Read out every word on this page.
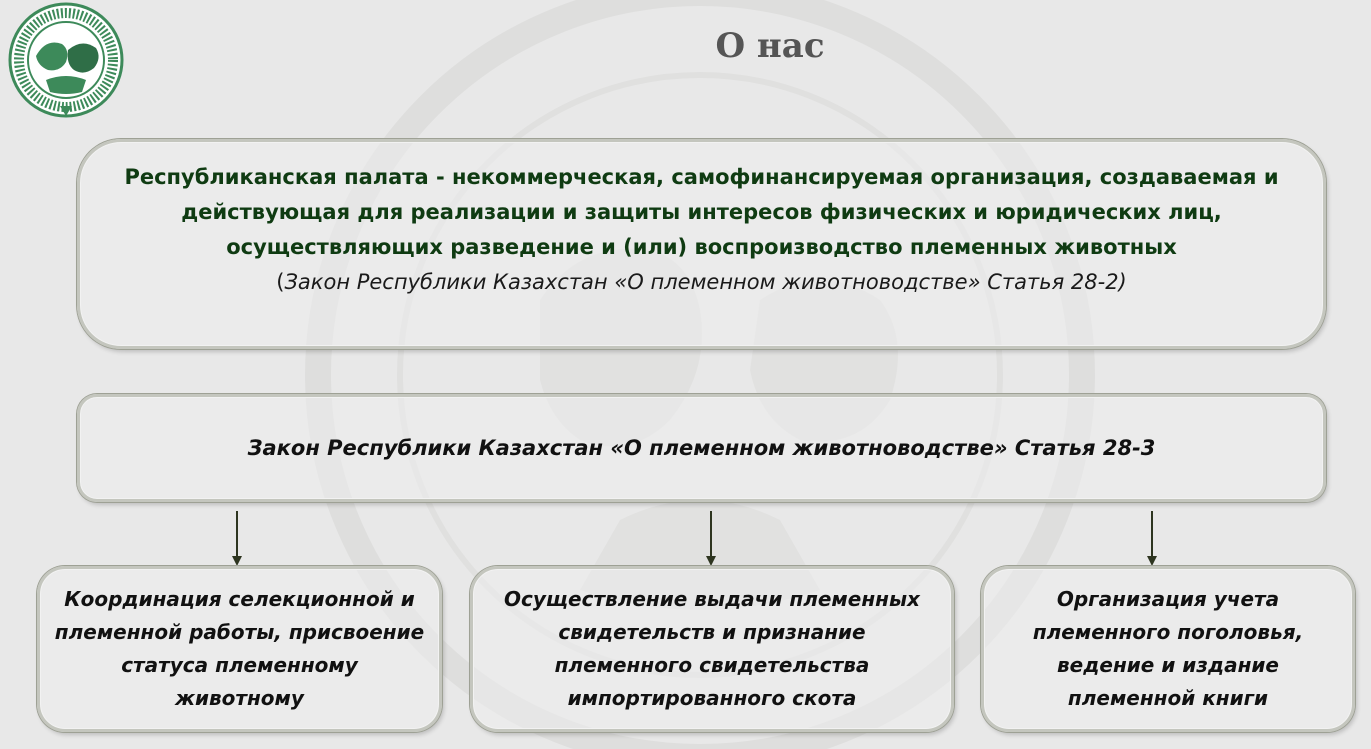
О нас
Республиканская палата - некоммерческая, самофинансируемая организация, создаваемая и действующая для реализации и защиты интересов физических и юридических лиц, осуществляющих разведение и (или) воспроизводство племенных животных
(Закон Республики Казахстан «О племенном животноводстве» Статья 28-2)
Закон Республики Казахстан «О племенном животноводстве» Статья 28-3
Координация селекционной и племенной работы, присвоение статуса племенному животному
Осуществление выдачи племенных свидетельств и признание племенного свидетельства импортированного скота
Организация учета племенного поголовья, ведение и издание племенной книги
